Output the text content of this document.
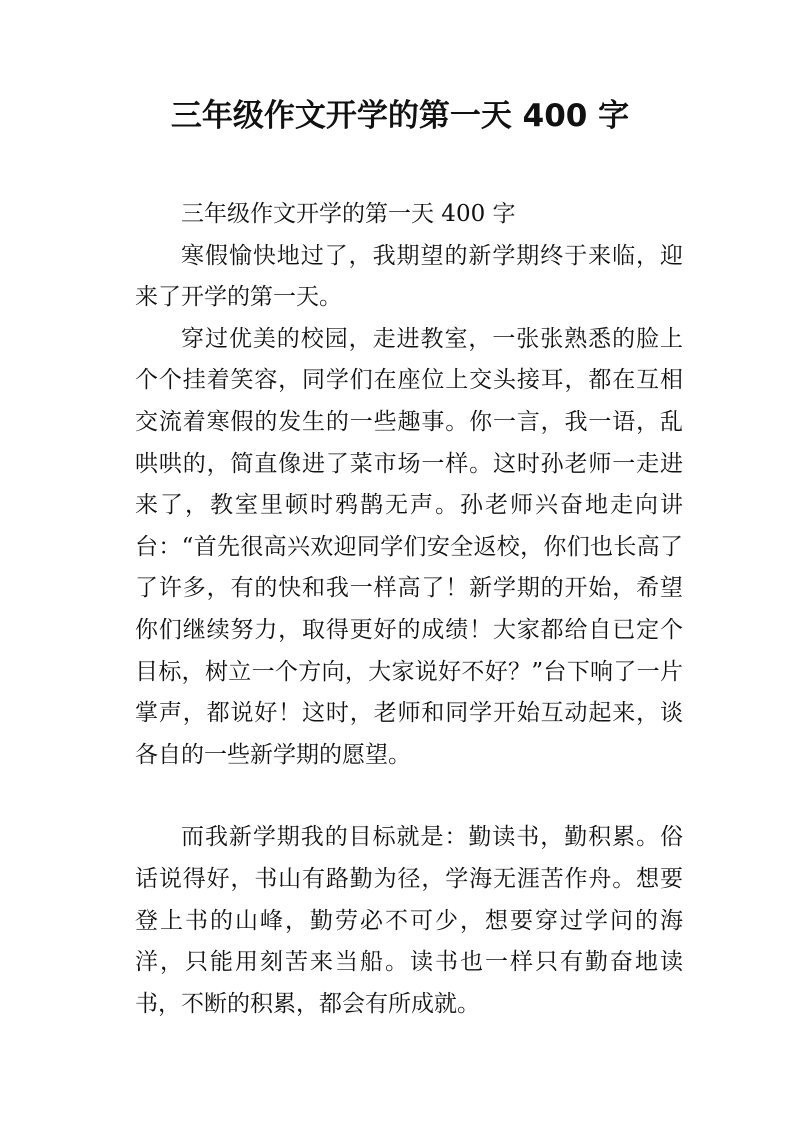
三年级作文开学的第一天 400 字

三年级作文开学的第一天 400 字

寒假愉快地过了，我期望的新学期终于来临，迎来了开学的第一天。

穿过优美的校园，走进教室，一张张熟悉的脸上个个挂着笑容，同学们在座位上交头接耳，都在互相交流着寒假的发生的一些趣事。你一言，我一语，乱哄哄的，简直像进了菜市场一样。这时孙老师一走进来了，教室里顿时鸦鹊无声。孙老师兴奋地走向讲台：“首先很高兴欢迎同学们安全返校，你们也长高了了许多，有的快和我一样高了！新学期的开始，希望你们继续努力，取得更好的成绩！大家都给自已定个目标，树立一个方向，大家说好不好？”台下响了一片掌声，都说好！这时，老师和同学开始互动起来，谈各自的一些新学期的愿望。

而我新学期我的目标就是：勤读书，勤积累。俗话说得好，书山有路勤为径，学海无涯苦作舟。想要登上书的山峰，勤劳必不可少，想要穿过学问的海洋，只能用刻苦来当船。读书也一样只有勤奋地读书，不断的积累，都会有所成就。
